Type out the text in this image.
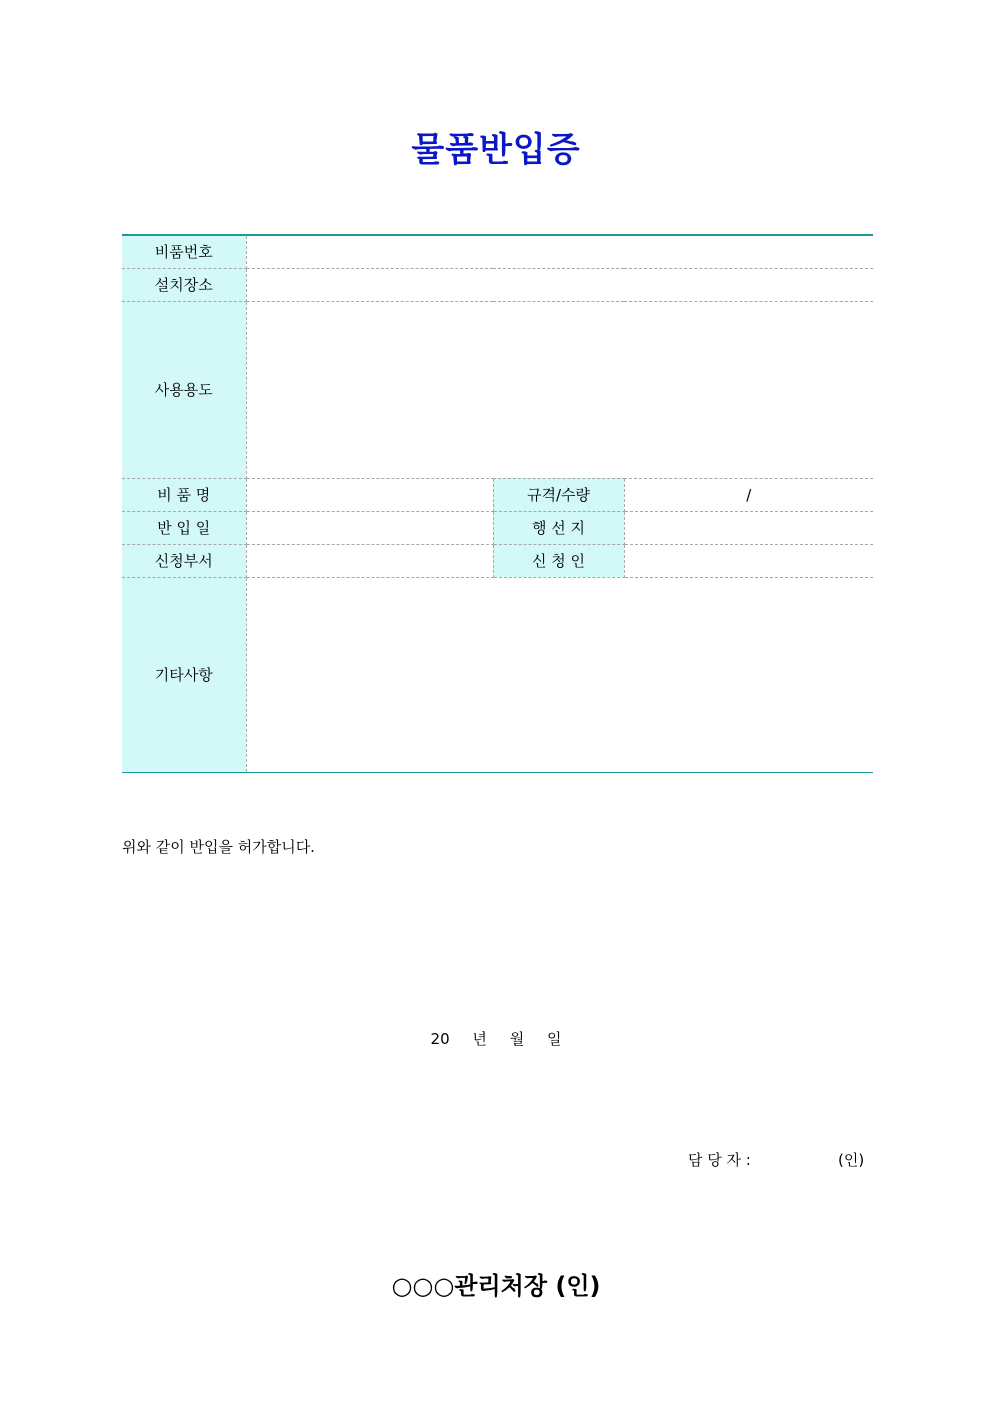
물품반입증
비품번호			
설치장소			
사용용도			
비 품 명		규격/수량	/
반 입 일		행 선 지	
신청부서		신 청 인	
기타사항			
위와 같이 반입을 허가합니다.
20 년 월 일
담 당 자 :	(인)
○○○관리처장 (인)
